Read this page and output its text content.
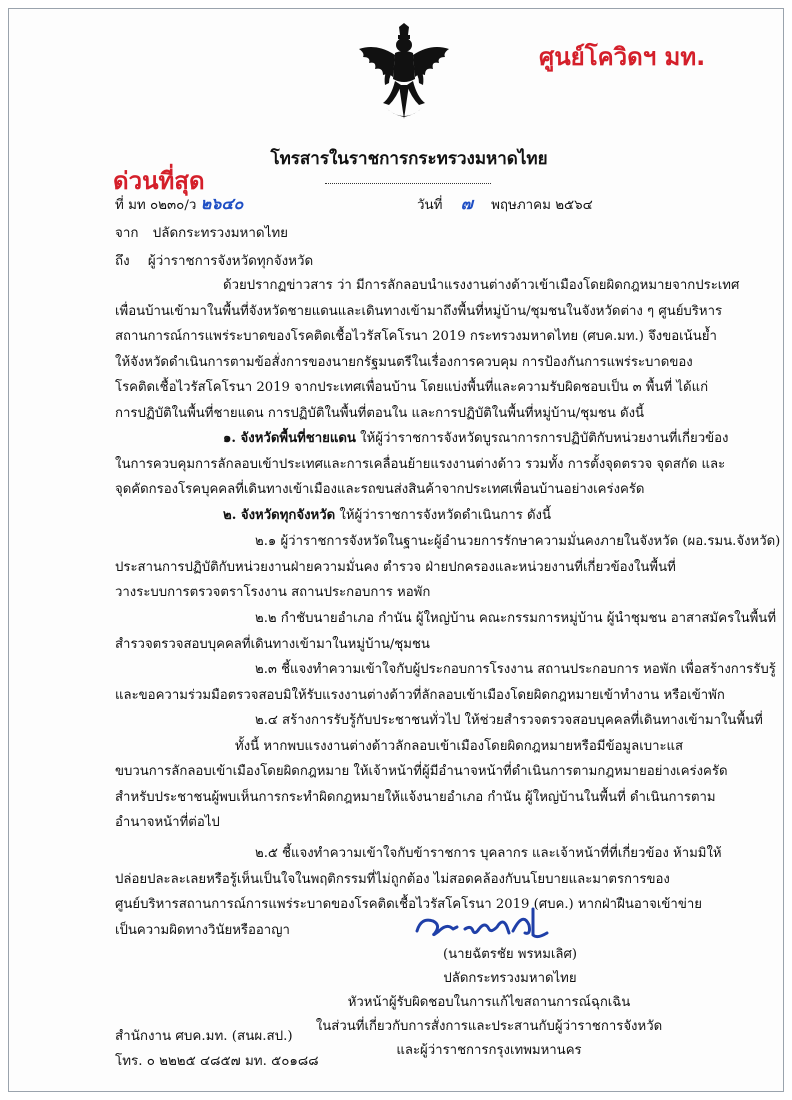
ศูนย์โควิดฯ มท.
โทรสารในราชการกระทรวงมหาดไทย
ด่วนที่สุด
ที่ มท ๐๒๓๐/ว ๒๖๔๐	วันที่ ๗ พฤษภาคม ๒๕๖๔
จาก ปลัดกระทรวงมหาดไทย
ถึง ผู้ว่าราชการจังหวัดทุกจังหวัด

ด้วยปรากฏข่าวสาร ว่า มีการลักลอบนำแรงงานต่างด้าวเข้าเมืองโดยผิดกฎหมายจากประเทศ

เพื่อนบ้านเข้ามาในพื้นที่จังหวัดชายแดนและเดินทางเข้ามาถึงพื้นที่หมู่บ้าน/ชุมชนในจังหวัดต่าง ๆ ศูนย์บริหาร

สถานการณ์การแพร่ระบาดของโรคติดเชื้อไวรัสโคโรนา 2019 กระทรวงมหาดไทย (ศบค.มท.) จึงขอเน้นย้ำ

ให้จังหวัดดำเนินการตามข้อสั่งการของนายกรัฐมนตรีในเรื่องการควบคุม การป้องกันการแพร่ระบาดของ

โรคติดเชื้อไวรัสโคโรนา 2019 จากประเทศเพื่อนบ้าน โดยแบ่งพื้นที่และความรับผิดชอบเป็น ๓ พื้นที่ ได้แก่

การปฏิบัติในพื้นที่ชายแดน การปฏิบัติในพื้นที่ตอนใน และการปฏิบัติในพื้นที่หมู่บ้าน/ชุมชน ดังนี้

๑. จังหวัดพื้นที่ชายแดน ให้ผู้ว่าราชการจังหวัดบูรณาการการปฏิบัติกับหน่วยงานที่เกี่ยวข้อง

ในการควบคุมการลักลอบเข้าประเทศและการเคลื่อนย้ายแรงงานต่างด้าว รวมทั้ง การตั้งจุดตรวจ จุดสกัด และ

จุดคัดกรองโรคบุคคลที่เดินทางเข้าเมืองและรถขนส่งสินค้าจากประเทศเพื่อนบ้านอย่างเคร่งครัด

๒. จังหวัดทุกจังหวัด ให้ผู้ว่าราชการจังหวัดดำเนินการ ดังนี้

๒.๑ ผู้ว่าราชการจังหวัดในฐานะผู้อำนวยการรักษาความมั่นคงภายในจังหวัด (ผอ.รมน.จังหวัด)

ประสานการปฏิบัติกับหน่วยงานฝ่ายความมั่นคง ตำรวจ ฝ่ายปกครองและหน่วยงานที่เกี่ยวข้องในพื้นที่

วางระบบการตรวจตราโรงงาน สถานประกอบการ หอพัก

๒.๒ กำชับนายอำเภอ กำนัน ผู้ใหญ่บ้าน คณะกรรมการหมู่บ้าน ผู้นำชุมชน อาสาสมัครในพื้นที่

สำรวจตรวจสอบบุคคลที่เดินทางเข้ามาในหมู่บ้าน/ชุมชน

๒.๓ ชี้แจงทำความเข้าใจกับผู้ประกอบการโรงงาน สถานประกอบการ หอพัก เพื่อสร้างการรับรู้

และขอความร่วมมือตรวจสอบมิให้รับแรงงานต่างด้าวที่ลักลอบเข้าเมืองโดยผิดกฎหมายเข้าทำงาน หรือเข้าพัก

๒.๔ สร้างการรับรู้กับประชาชนทั่วไป ให้ช่วยสำรวจตรวจสอบบุคคลที่เดินทางเข้ามาในพื้นที่

ทั้งนี้ หากพบแรงงานต่างด้าวลักลอบเข้าเมืองโดยผิดกฎหมายหรือมีข้อมูลเบาะแส

ขบวนการลักลอบเข้าเมืองโดยผิดกฎหมาย ให้เจ้าหน้าที่ผู้มีอำนาจหน้าที่ดำเนินการตามกฎหมายอย่างเคร่งครัด

สำหรับประชาชนผู้พบเห็นการกระทำผิดกฎหมายให้แจ้งนายอำเภอ กำนัน ผู้ใหญ่บ้านในพื้นที่ ดำเนินการตาม

อำนาจหน้าที่ต่อไป

๒.๕ ชี้แจงทำความเข้าใจกับข้าราชการ บุคลากร และเจ้าหน้าที่ที่เกี่ยวข้อง ห้ามมิให้

ปล่อยปละละเลยหรือรู้เห็นเป็นใจในพฤติกรรมที่ไม่ถูกต้อง ไม่สอดคล้องกับนโยบายและมาตรการของ

ศูนย์บริหารสถานการณ์การแพร่ระบาดของโรคติดเชื้อไวรัสโคโรนา 2019 (ศบค.) หากฝ่าฝืนอาจเข้าข่าย

เป็นความผิดทางวินัยหรืออาญา

(นายฉัตรชัย พรหมเลิศ)
ปลัดกระทรวงมหาดไทย
หัวหน้าผู้รับผิดชอบในการแก้ไขสถานการณ์ฉุกเฉิน
ในส่วนที่เกี่ยวกับการสั่งการและประสานกับผู้ว่าราชการจังหวัด
และผู้ว่าราชการกรุงเทพมหานคร
สำนักงาน ศบค.มท. (สนผ.สป.)
โทร. ๐ ๒๒๒๕ ๔๘๕๗ มท. ๕๐๑๘๘
